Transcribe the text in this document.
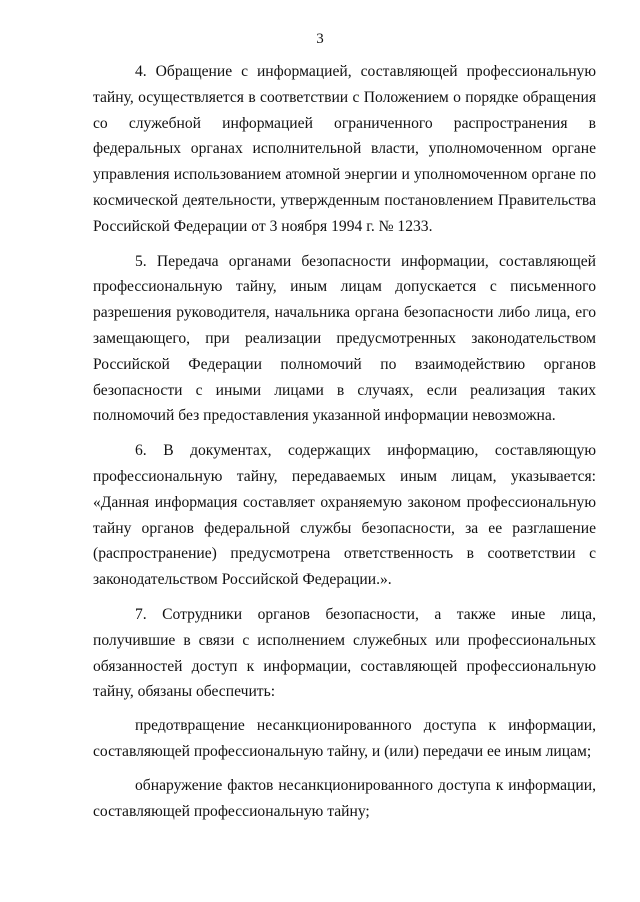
3

4. Обращение с информацией, составляющей профессиональную тайну, осуществляется в соответствии с Положением о порядке обращения со служебной информацией ограниченного распространения в федеральных органах исполнительной власти, уполномоченном органе управления использованием атомной энергии и уполномоченном органе по космической деятельности, утвержденным постановлением Правительства Российской Федерации от 3 ноября 1994 г. № 1233.

5. Передача органами безопасности информации, составляющей профессиональную тайну, иным лицам допускается с письменного разрешения руководителя, начальника органа безопасности либо лица, его замещающего, при реализации предусмотренных законодательством Российской Федерации полномочий по взаимодействию органов безопасности с иными лицами в случаях, если реализация таких полномочий без предоставления указанной информации невозможна.

6. В документах, содержащих информацию, составляющую профессиональную тайну, передаваемых иным лицам, указывается: «Данная информация составляет охраняемую законом профессиональную тайну органов федеральной службы безопасности, за ее разглашение (распространение) предусмотрена ответственность в соответствии с законодательством Российской Федерации.».

7. Сотрудники органов безопасности, а также иные лица, получившие в связи с исполнением служебных или профессиональных обязанностей доступ к информации, составляющей профессиональную тайну, обязаны обеспечить:

предотвращение несанкционированного доступа к информации, составляющей профессиональную тайну, и (или) передачи ее иным лицам;

обнаружение фактов несанкционированного доступа к информации, составляющей профессиональную тайну;
